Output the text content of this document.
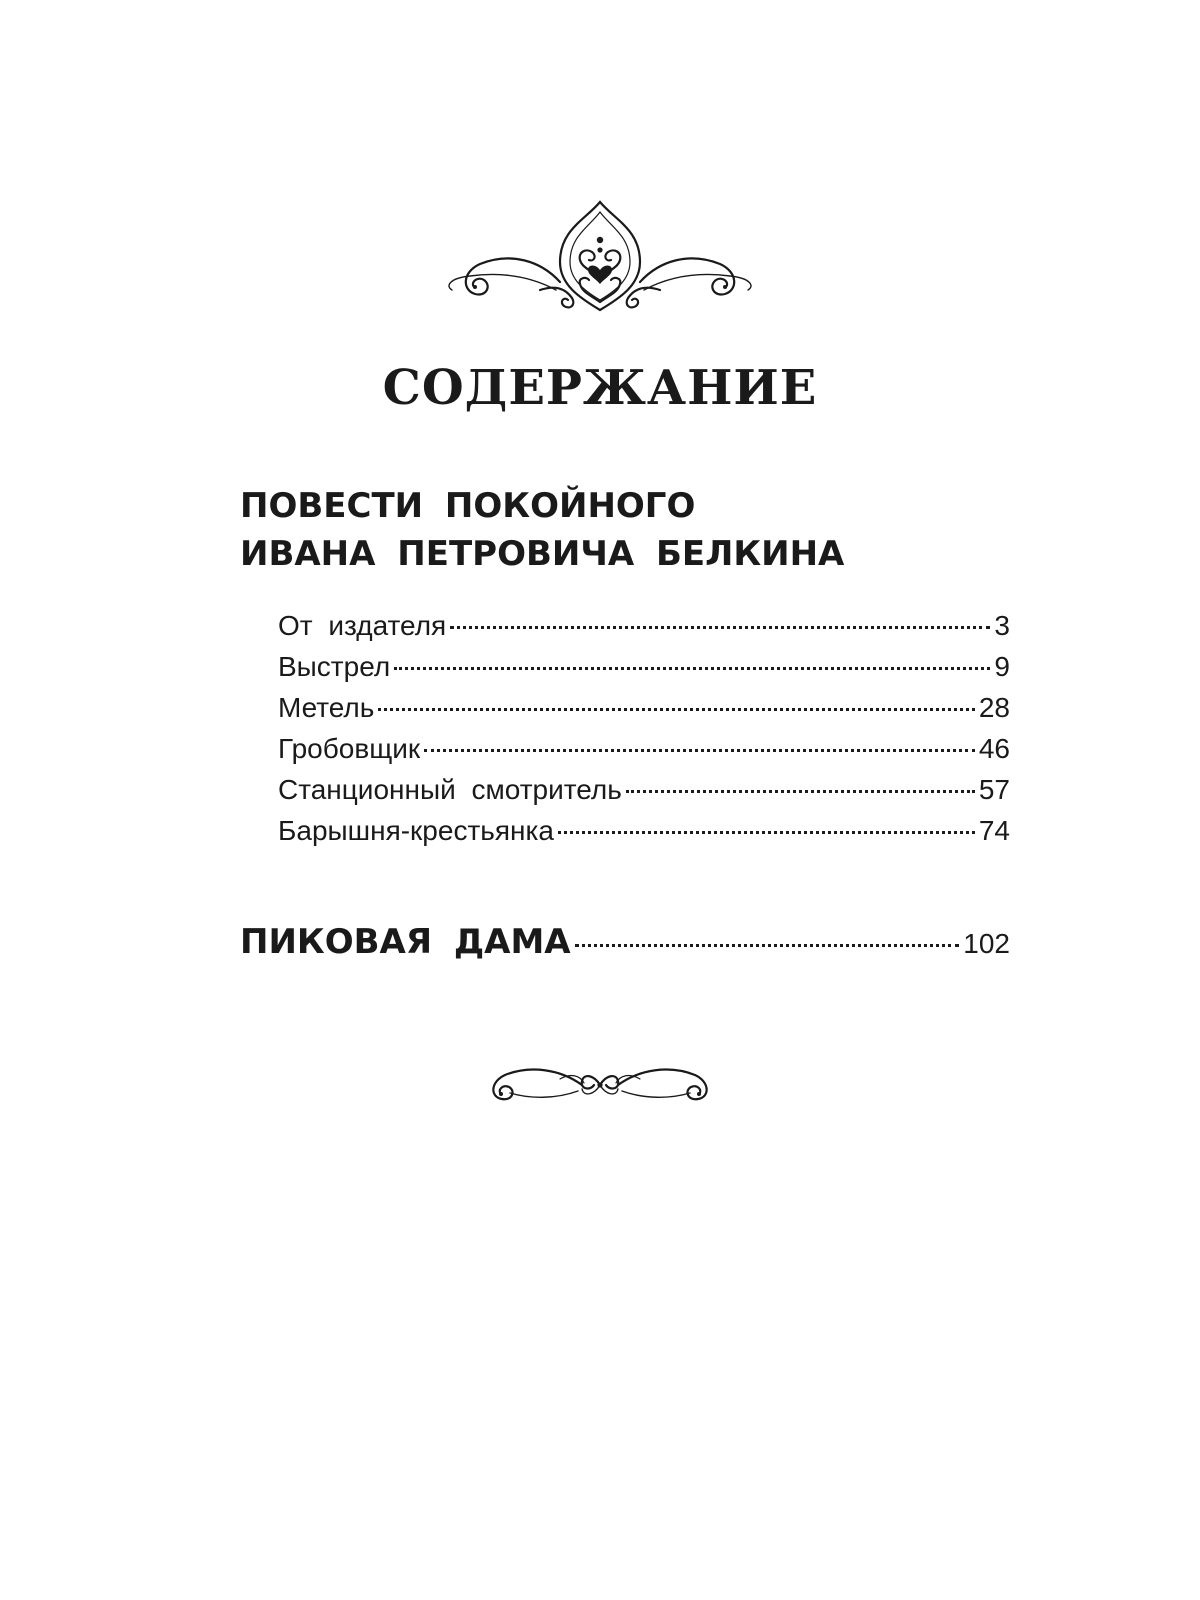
СОДЕРЖАНИЕ
ПОВЕСТИ ПОКОЙНОГО
ИВАНА ПЕТРОВИЧА БЕЛКИНА
От издателя	3
Выстрел	9
Метель	28
Гробовщик	46
Станционный смотритель	57
Барышня-крестьянка	74
ПИКОВАЯ ДАМА	102
